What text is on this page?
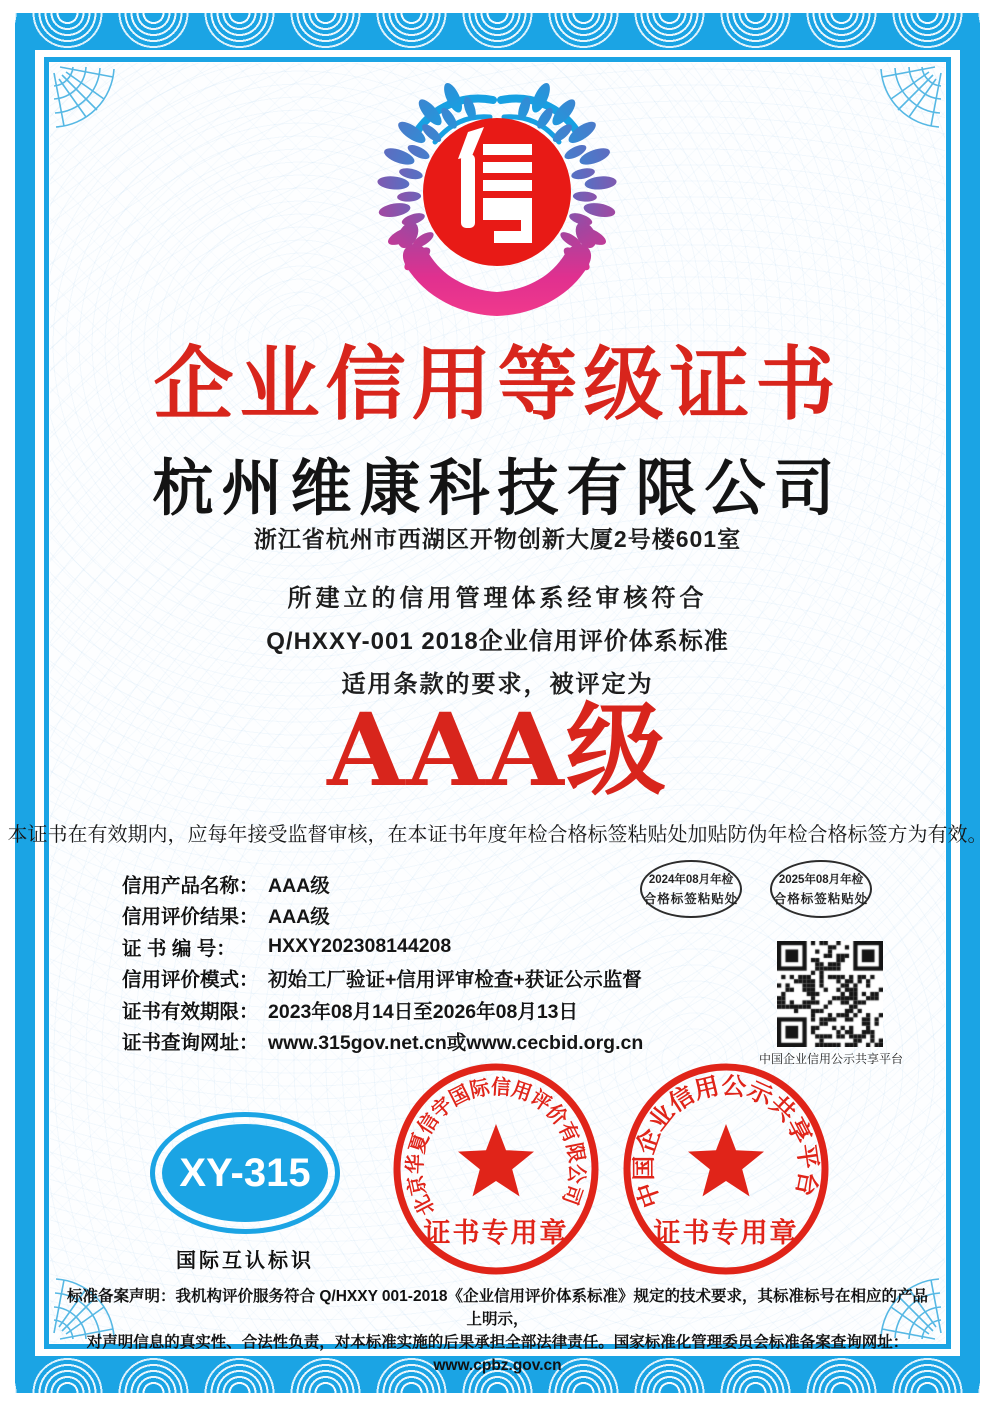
企业信用等级证书
杭州维康科技有限公司
浙江省杭州市西湖区开物创新大厦2号楼601室
所建立的信用管理体系经审核符合
Q/HXXY-001 2018企业信用评价体系标准
适用条款的要求，被评定为
AAA级
本证书在有效期内，应每年接受监督审核，在本证书年度年检合格标签粘贴处加贴防伪年检合格标签方为有效。
信用产品名称： AAA级
信用评价结果： AAA级
证 书 编 号：	HXXY202308144208
信用评价模式： 初始工厂验证+信用评审检查+获证公示监督
证书有效期限： 2023年08月14日至2026年08月13日
证书查询网址： www.315gov.net.cn或www.cecbid.org.cn
2024年08月年检
合格标签粘贴处
2025年08月年检
合格标签粘贴处
中国企业信用公示共享平台
XY-315
国际互认标识
北京华夏信宇国际信用评价有限公司
证书专用章
中国企业信用公示共享平台
证书专用章
标准备案声明：我机构评价服务符合 Q/HXXY 001-2018《企业信用评价体系标准》规定的技术要求，其标准标号在相应的产品上明示，
对声明信息的真实性、合法性负责，对本标准实施的后果承担全部法律责任。国家标准化管理委员会标准备案查询网址：www.cpbz.gov.cn
